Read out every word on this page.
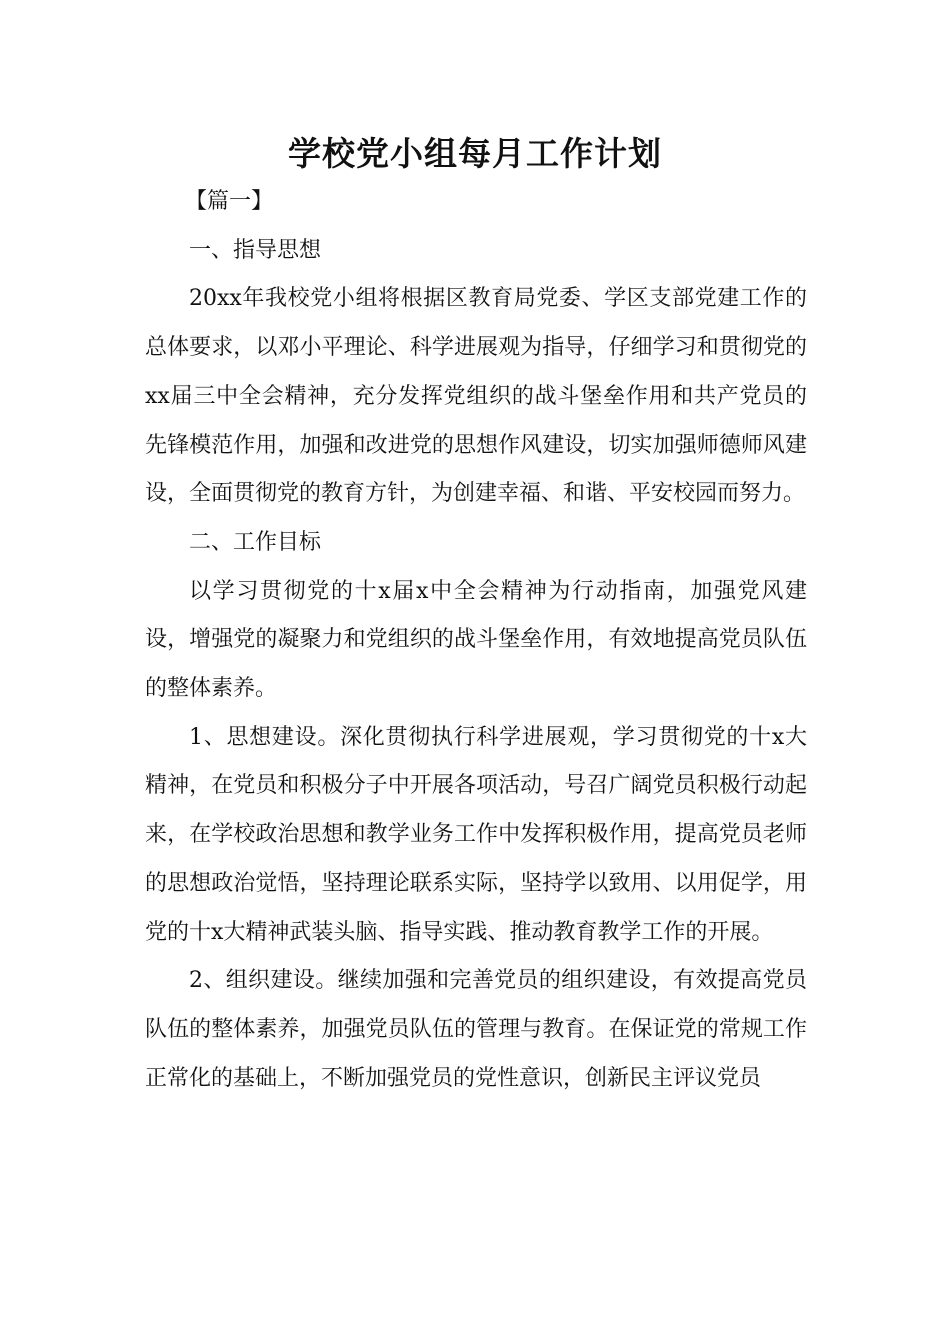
学校党小组每月工作计划

【篇一】

一、指导思想

20xx年我校党小组将根据区教育局党委、学区支部党建工作的总体要求，以邓小平理论、科学进展观为指导，仔细学习和贯彻党的xx届三中全会精神，充分发挥党组织的战斗堡垒作用和共产党员的先锋模范作用，加强和改进党的思想作风建设，切实加强师德师风建设，全面贯彻党的教育方针，为创建幸福、和谐、平安校园而努力。

二、工作目标

以学习贯彻党的十x届x中全会精神为行动指南，加强党风建设，增强党的凝聚力和党组织的战斗堡垒作用，有效地提高党员队伍的整体素养。

1、思想建设。深化贯彻执行科学进展观，学习贯彻党的十x大精神，在党员和积极分子中开展各项活动，号召广阔党员积极行动起来，在学校政治思想和教学业务工作中发挥积极作用，提高党员老师的思想政治觉悟，坚持理论联系实际，坚持学以致用、以用促学，用党的十x大精神武装头脑、指导实践、推动教育教学工作的开展。

2、组织建设。继续加强和完善党员的组织建设，有效提高党员队伍的整体素养，加强党员队伍的管理与教育。在保证党的常规工作正常化的基础上，不断加强党员的党性意识，创新民主评议党员
